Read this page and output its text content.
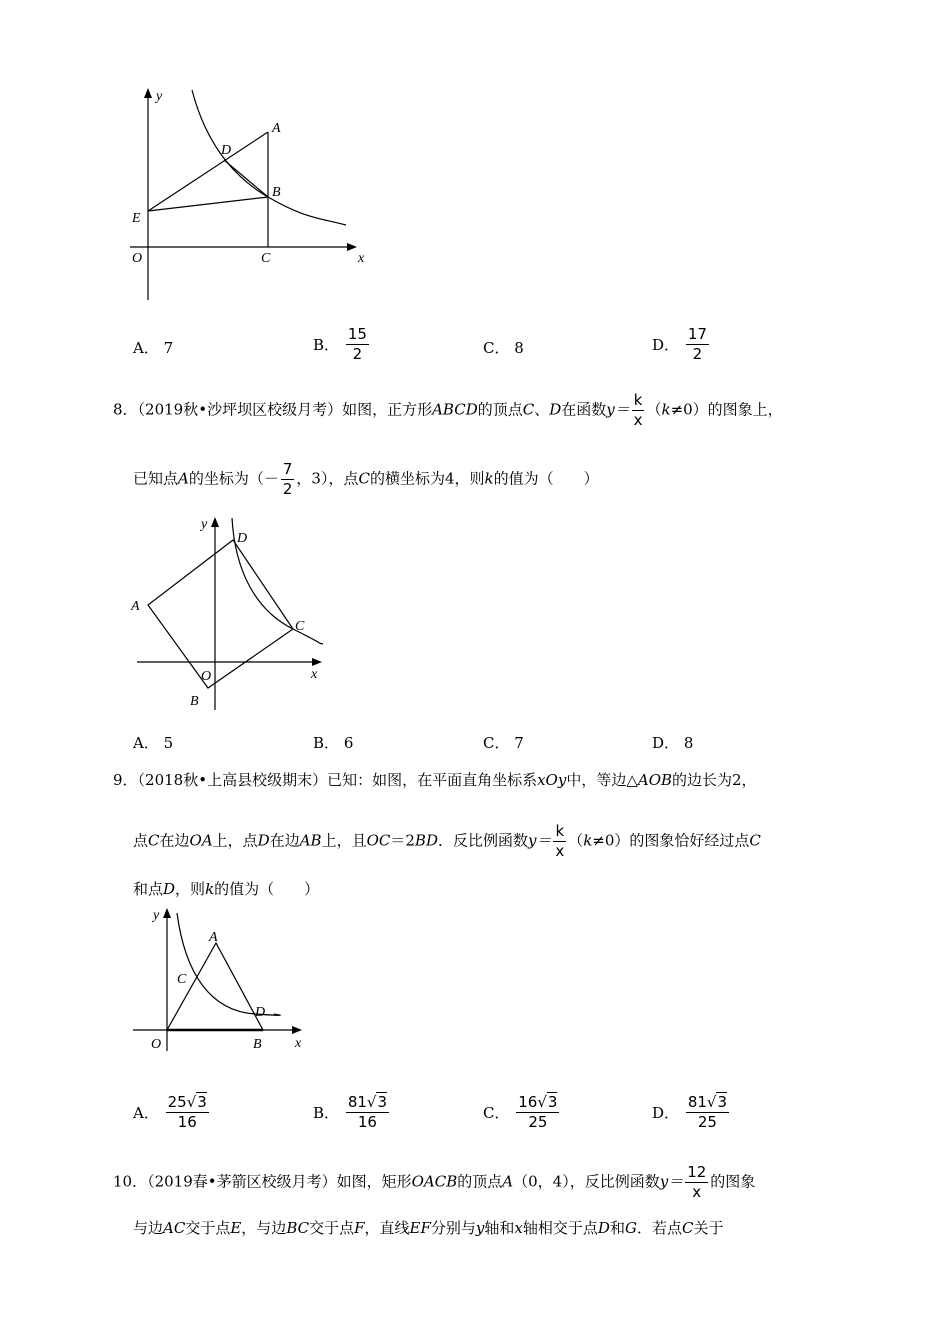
y
x
A
B
C
D
E
O
A． 7	B． $\frac{15}{2}$	C． 8	D． $\frac{17}{2}$
8．（2019秋•沙坪坝区校级月考）如图，正方形ABCD的顶点C、D在函数$y= \frac{k}{x} (k\ne 0)$的图象上，
已知点A的坐标为（－ $\frac{7}{2}$ ，3），点C的横坐标为4，则k的值为（　　）
y
x
A
B
C
D
O
A． 5	B． 6	C． 7	D． 8
9．（2018秋•上高县校级期末）已知：如图，在平面直角坐标系xOy中，等边△AOB的边长为2，
点C在边OA上，点D在边AB上，且OC＝2BD．反比例函数$y= \frac{k}{x} (k\ne 0)$的图象恰好经过点C
和点D，则k的值为（　　）
y
x
A
B
C
D
O
A． $\frac{25√3}{16}$	B． $\frac{81√3}{16}$	C． $\frac{16√3}{25}$	D． $\frac{81√3}{25}$
10．（2019春•茅箭区校级月考）如图，矩形OACB的顶点A（0，4），反比例函数$y= \frac{12}{x}$ 的图象
与边AC交于点E，与边BC交于点F，直线EF分别与y轴和x轴相交于点D和G．若点C关于
